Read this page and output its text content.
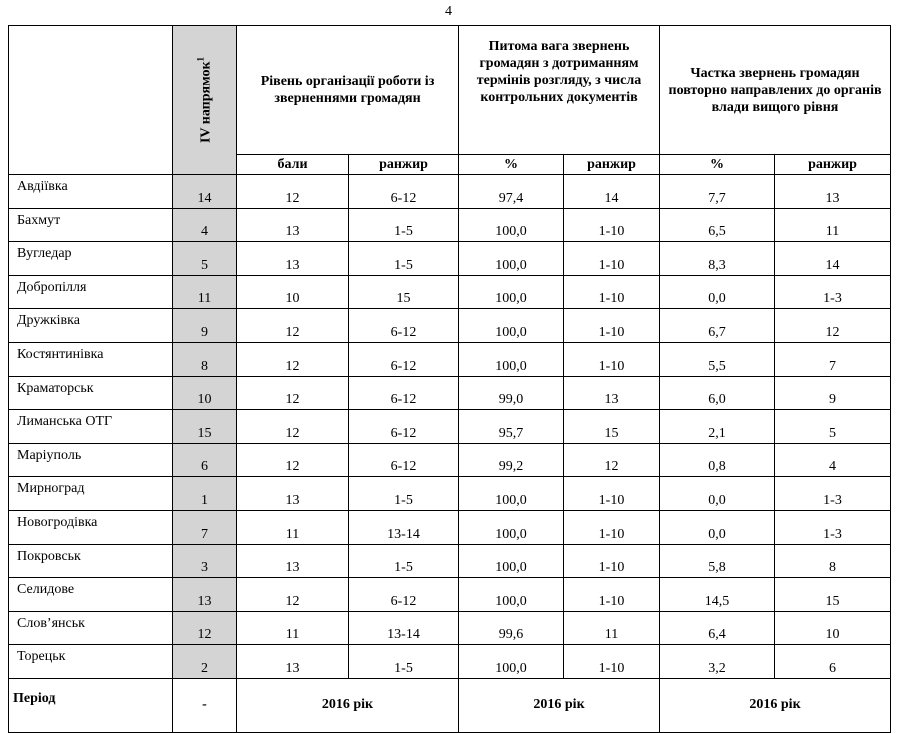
4

	IV напрямок$^1$	Рівень організації роботи із зверненнями громадян		Питома вага звернень громадян з дотриманням термінів розгляду, з числа контрольних документів		Частка звернень громадян повторно направлених до органів влади вищого рівня	
		бали	ранжир	%	ранжир	%	ранжир
Авдіївка	14	12	6-12	97,4	14	7,7	13
Бахмут	4	13	1-5	100,0	1-10	6,5	11
Вугледар	5	13	1-5	100,0	1-10	8,3	14
Добропілля	11	10	15	100,0	1-10	0,0	1-3
Дружківка	9	12	6-12	100,0	1-10	6,7	12
Костянтинівка	8	12	6-12	100,0	1-10	5,5	7
Краматорськ	10	12	6-12	99,0	13	6,0	9
Лиманська ОТГ	15	12	6-12	95,7	15	2,1	5
Маріуполь	6	12	6-12	99,2	12	0,8	4
Мирноград	1	13	1-5	100,0	1-10	0,0	1-3
Новогродівка	7	11	13-14	100,0	1-10	0,0	1-3
Покровськ	3	13	1-5	100,0	1-10	5,8	8
Селидове	13	12	6-12	100,0	1-10	14,5	15
Слов’янськ	12	11	13-14	99,6	11	6,4	10
Торецьк	2	13	1-5	100,0	1-10	3,2	6
Період	-	2016 рік		2016 рік		2016 рік	
